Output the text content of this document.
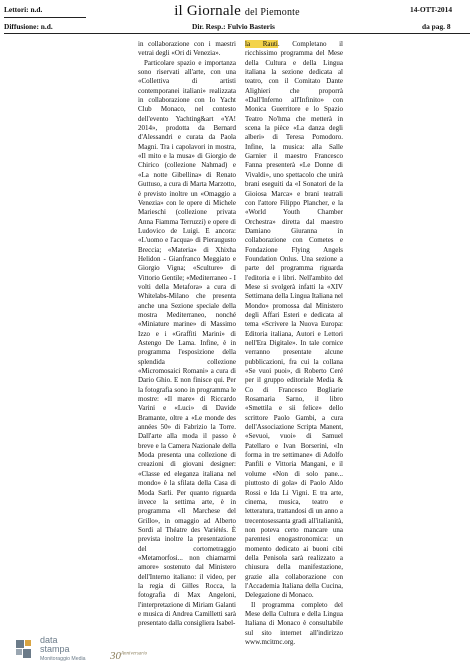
Lettori: n.d.
Diffusione: n.d.
il Giornale del Piemonte	14-OTT-2014
Dir. Resp.: Fulvio Basteris	da pag. 8

in collaborazione con i maestri vetrai degli «Ori di Venezia».

Particolare spazio e importanza sono riservati all'arte, con una «Collettiva di artisti contemporanei italiani» realizzata in collaborazione con Io Yacht Club Monaco, nel contesto dell'evento Yachting&art «YA! 2014», prodotta da Bernard d'Alessandri e curata da Paola Magni. Tra i capolavori in mostra, «Il mito e la musa» di Giorgio de Chirico (collezione Nahmad) e «La notte Gibellina» di Renato Guttuso, a cura di Marta Marzotto, è previsto inoltre un «Omaggio a Venezia» con le opere di Michele Marieschi (collezione privata Anna Fiamma Terruzzi) e opere di Ludovico de Luigi. E ancora: «L'uomo e l'acqua» di Pieraugusto Breccia; «Materia» di Xhixha Helidon - Gianfranco Meggiato e Giorgio Vigna; «Sculture» di Vittorio Gentile; «Mediterraneo - I volti della Metafora» a cura di Whitelabs-Milano che presenta anche una Sezione speciale della mostra Mediterraneo, nonché «Miniature marine» di Massimo Izzo e i «Graffiti Marini» di Astengo De Lama. Infine, è in programma l'esposizione della splendida collezione «Micromosaici Romani» a cura di Dario Ghio. E non finisce qui. Per la fotografia sono in programma le mostre: «Il mare» di Riccardo Varini e «Luci» di Davide Bramante, oltre a «Le monde des années 50» di Fabrizio la Torre. Dall'arte alla moda il passo è breve e la Camera Nazionale della Moda presenta una collezione di creazioni di giovani designer: «Classe ed eleganza italiana nel mondo» è la sfilata della Casa di Moda Sarli. Per quanto riguarda invece la settima arte, è in programma «Il Marchese del Grillo», in omaggio ad Alberto Sordi al Théatre des Variétés. È prevista inoltre la presentazione del cortometraggio «Metamorfosi... non chiamarmi amore» sostenuto dal Ministero dell'Interno italiano: il video, per la regia di Gilles Rocca, la fotografia di Max Angeloni, l'interpretazione di Miriam Galanti e musica di Andrea Camilletti sarà presentato dalla consigliera Isabel-

la Rauti. Completano il ricchissimo programma del Mese della Cultura e della Lingua italiana la sezione dedicata al teatro, con il Comitato Dante Alighieri che proporrà «Dall'Inferno all'Infinito» con Monica Guerritore e lo Spazio Teatro No'hma che metterà in scena la pièce «La danza degli alberi» di Teresa Pomodoro. Infine, la musica: alla Salle Garnier il maestro Francesco Fanna presenterà «Le Donne di Vivaldi», uno spettacolo che unirà brani eseguiti da «I Sonatori de la Gioiosa Marca» e brani teatrali con l'attore Filippo Plancher, e la «World Youth Chamber Orchestra» diretta dal maestro Damiano Giuranna in collaborazione con Cometes e Fondazione Flying Angels Foundation Onlus. Una sezione a parte del programma riguarda l'editoria e i libri. Nell'ambito del Mese si svolgerà infatti la «XIV Settimana della Lingua Italiana nel Mondo» promossa dal Ministero degli Affari Esteri e dedicata al tema «Scrivere la Nuova Europa: Editoria italiana, Autori e Lettori nell'Era Digitale». In tale cornice verranno presentate alcune pubblicazioni, fra cui la collana «Se vuoi puoi», di Roberto Ceré per il gruppo editoriale Media & Co di Francesco Bogliarie Rosamaria Sarno, il libro «Smettila e sii felice» dello scrittore Paolo Gambi, a cura dell'Associazione Scripta Manent, «Sevuoi, vuoi» di Samuel Patellaro e Ivan Borserini, «In forma in tre settimane» di Adolfo Panfili e Vittoria Mangani, e il volume «Non di solo pane... piuttosto di gola» di Paolo Aldo Rossi e Ida Li Vigni. E tra arte, cinema, musica, teatro e letteratura, trattandosi di un anno a trecentosessanta gradi all'italianità, non poteva certo mancare una parentesi enogastronomica: un momento dedicato ai buoni cibi della Penisola sarà realizzato a chiusura della manifestazione, grazie alla collaborazione con l'Accademia Italiana della Cucina, Delegazione di Monaco.

Il programma completo del Mese della Cultura e della Lingua Italiana di Monaco è consultabile sul sito internet all'indirizzo www.mcitmc.org.

data
stampa
Monitoraggio Media $30^{Anniversario}$
